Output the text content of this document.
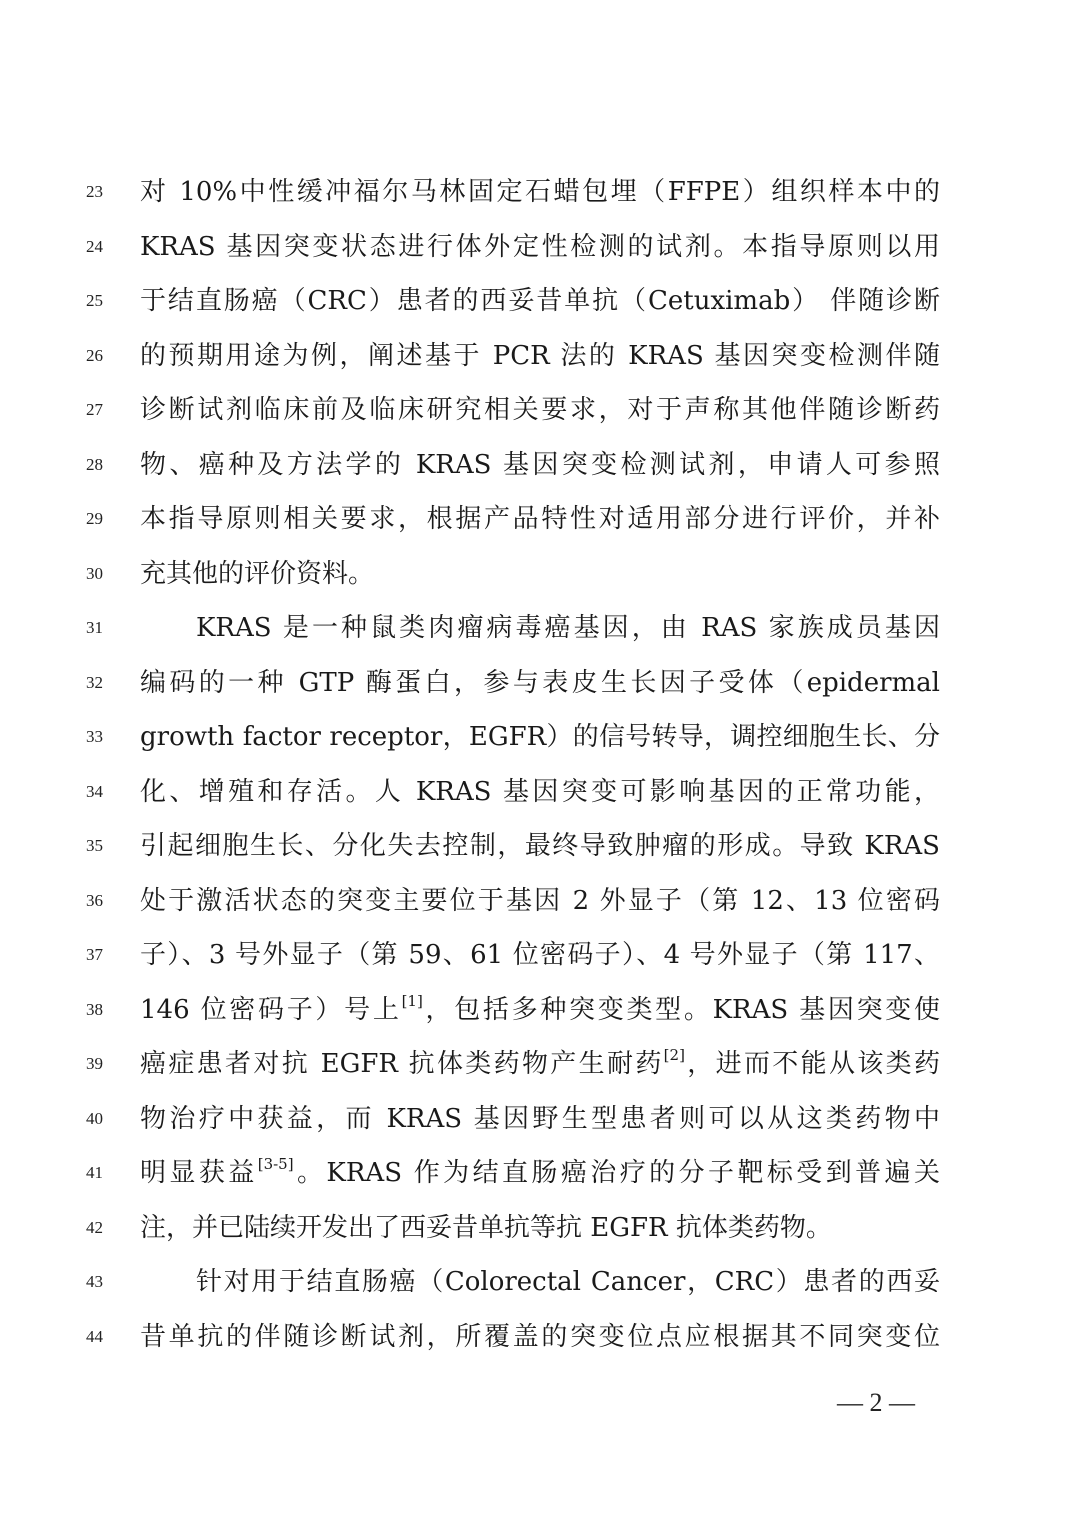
23	对 10%中性缓冲福尔马林固定石蜡包埋（FFPE）组织样本中的
24	KRAS 基因突变状态进行体外定性检测的试剂。本指导原则以用
25	于结直肠癌（CRC）患者的西妥昔单抗（Cetuximab） 伴随诊断
26	的预期用途为例，阐述基于 PCR 法的 KRAS 基因突变检测伴随
27	诊断试剂临床前及临床研究相关要求，对于声称其他伴随诊断药
28	物、癌种及方法学的 KRAS 基因突变检测试剂，申请人可参照
29	本指导原则相关要求，根据产品特性对适用部分进行评价，并补
30	充其他的评价资料。
31	KRAS 是一种鼠类肉瘤病毒癌基因，由 RAS 家族成员基因
32	编码的一种 GTP 酶蛋白，参与表皮生长因子受体（epidermal
33	growth factor receptor，EGFR）的信号转导，调控细胞生长、分
34	化、增殖和存活。人 KRAS 基因突变可影响基因的正常功能，
35	引起细胞生长、分化失去控制，最终导致肿瘤的形成。导致 KRAS
36	处于激活状态的突变主要位于基因 2 外显子（第 12、13 位密码
37	子）、3 号外显子（第 59、61 位密码子）、4 号外显子（第 117、
38	146 位密码子）号上[1]，包括多种突变类型。KRAS 基因突变使
39	癌症患者对抗 EGFR 抗体类药物产生耐药[2]，进而不能从该类药
40	物治疗中获益，而 KRAS 基因野生型患者则可以从这类药物中
41	明显获益[3-5]。KRAS 作为结直肠癌治疗的分子靶标受到普遍关
42	注，并已陆续开发出了西妥昔单抗等抗 EGFR 抗体类药物。
43	针对用于结直肠癌（Colorectal Cancer，CRC）患者的西妥
44	昔单抗的伴随诊断试剂，所覆盖的突变位点应根据其不同突变位
— 2 —
